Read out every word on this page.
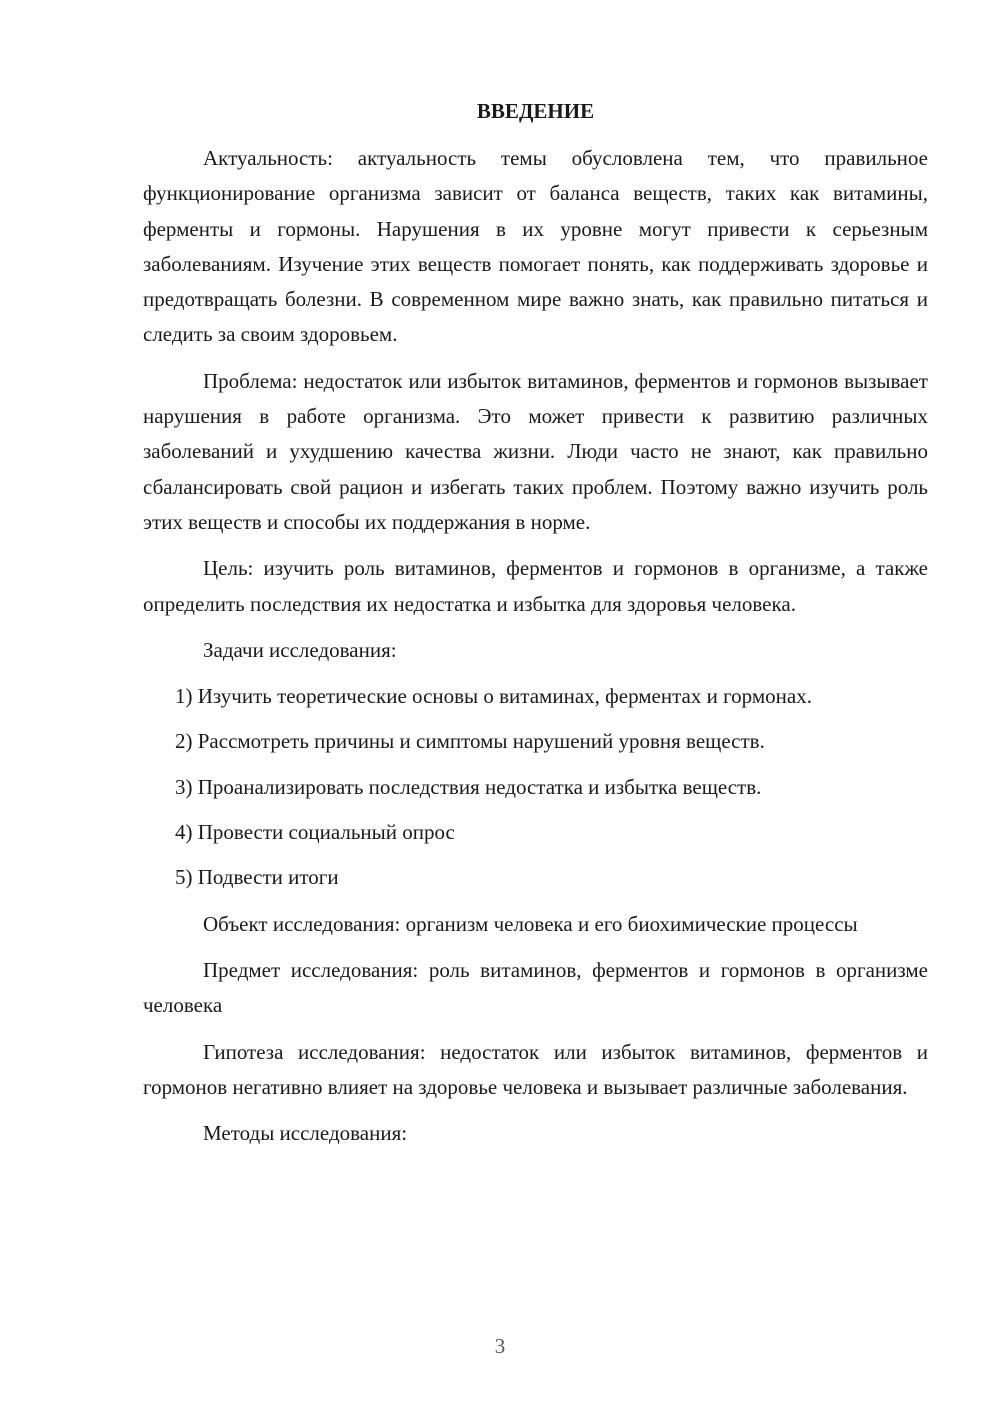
ВВЕДЕНИЕ

Актуальность: актуальность темы обусловлена тем, что правильное функционирование организма зависит от баланса веществ, таких как витамины, ферменты и гормоны. Нарушения в их уровне могут привести к серьезным заболеваниям. Изучение этих веществ помогает понять, как поддерживать здоровье и предотвращать болезни. В современном мире важно знать, как правильно питаться и следить за своим здоровьем.

Проблема: недостаток или избыток витаминов, ферментов и гормонов вызывает нарушения в работе организма. Это может привести к развитию различных заболеваний и ухудшению качества жизни. Люди часто не знают, как правильно сбалансировать свой рацион и избегать таких проблем. Поэтому важно изучить роль этих веществ и способы их поддержания в норме.

Цель: изучить роль витаминов, ферментов и гормонов в организме, а также определить последствия их недостатка и избытка для здоровья человека.

Задачи исследования:
1) Изучить теоретические основы о витаминах, ферментах и гормонах.
2) Рассмотреть причины и симптомы нарушений уровня веществ.
3) Проанализировать последствия недостатка и избытка веществ.
4) Провести социальный опрос
5) Подвести итоги

Объект исследования: организм человека и его биохимические процессы

Предмет исследования: роль витаминов, ферментов и гормонов в организме человека

Гипотеза исследования: недостаток или избыток витаминов, ферментов и гормонов негативно влияет на здоровье человека и вызывает различные заболевания.

Методы исследования:
3
